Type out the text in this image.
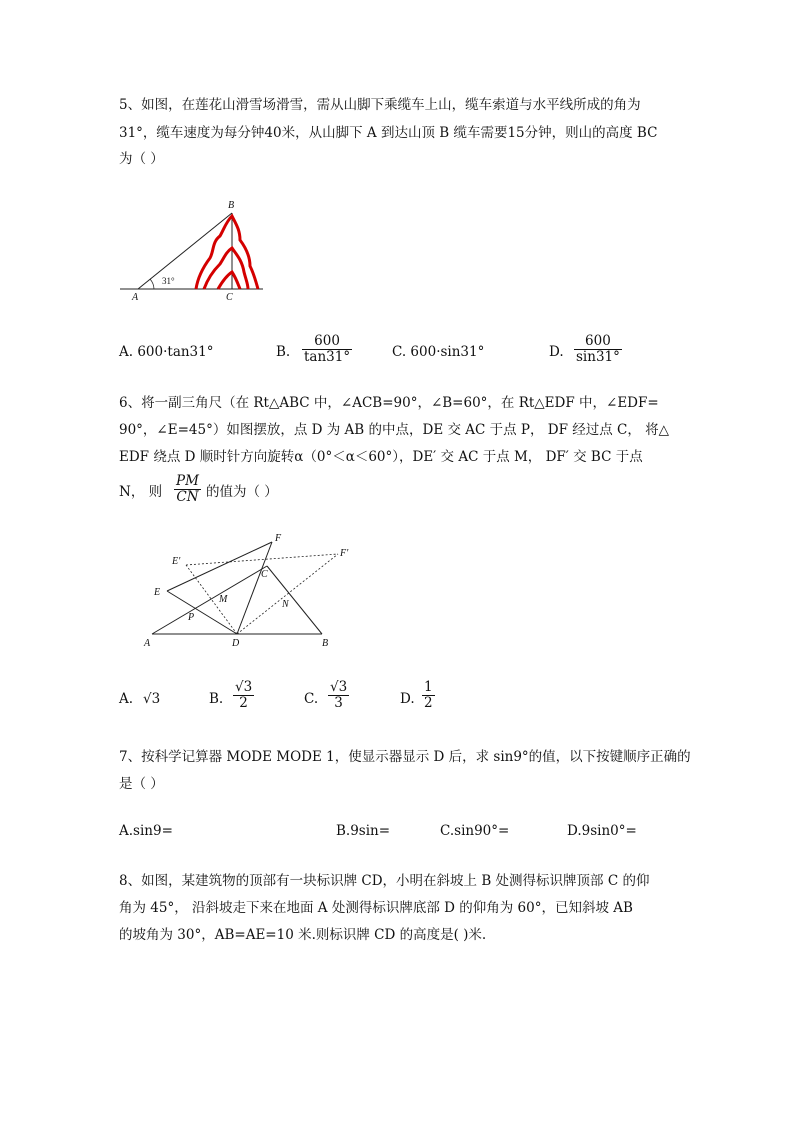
5、如图，在莲花山滑雪场滑雪，需从山脚下乘缆车上山，缆车索道与水平线所成的角为
31°，缆车速度为每分钟40米，从山脚下 A 到达山顶 B 缆车需要15分钟，则山的高度 BC
为（ ）
31°
B
A	C
A. 600·tan31°	B. $\frac{600}{\tan 31^\circ}$	C. 600·sin31°	D. $\frac{600}{\sin 31^\circ}$
6、将一副三角尺（在 Rt△ABC 中，∠ACB=90°，∠B=60°，在 Rt△EDF 中，∠EDF=
90°，∠E=45°）如图摆放，点 D 为 AB 的中点，DE 交 AC 于点 P， DF 经过点 C， 将△
EDF 绕点 D 顺时针方向旋转α（0°＜α＜60°），DE′ 交 AC 于点 M， DF′ 交 BC 于点
N， 则 $\frac{PM}{CN}$ 的值为（ ）
F
E'
F'
C
E
M	N
P
A	D	B
A. √3	B. $\frac{√3}{2}$	C. $\frac{√3}{3}$	D. $\frac{1}{2}$
7、按科学记算器 MODE MODE 1，使显示器显示 D 后，求 sin9°的值，以下按键顺序正确的
是（ ）
A.sin9=	B.9sin=	C.sin90°=	D.9sin0°=
8、如图，某建筑物的顶部有一块标识牌 CD，小明在斜坡上 B 处测得标识牌顶部 C 的仰
角为 45°， 沿斜坡走下来在地面 A 处测得标识牌底部 D 的仰角为 60°，已知斜坡 AB
的坡角为 30°，AB=AE=10 米.则标识牌 CD 的高度是( )米.
